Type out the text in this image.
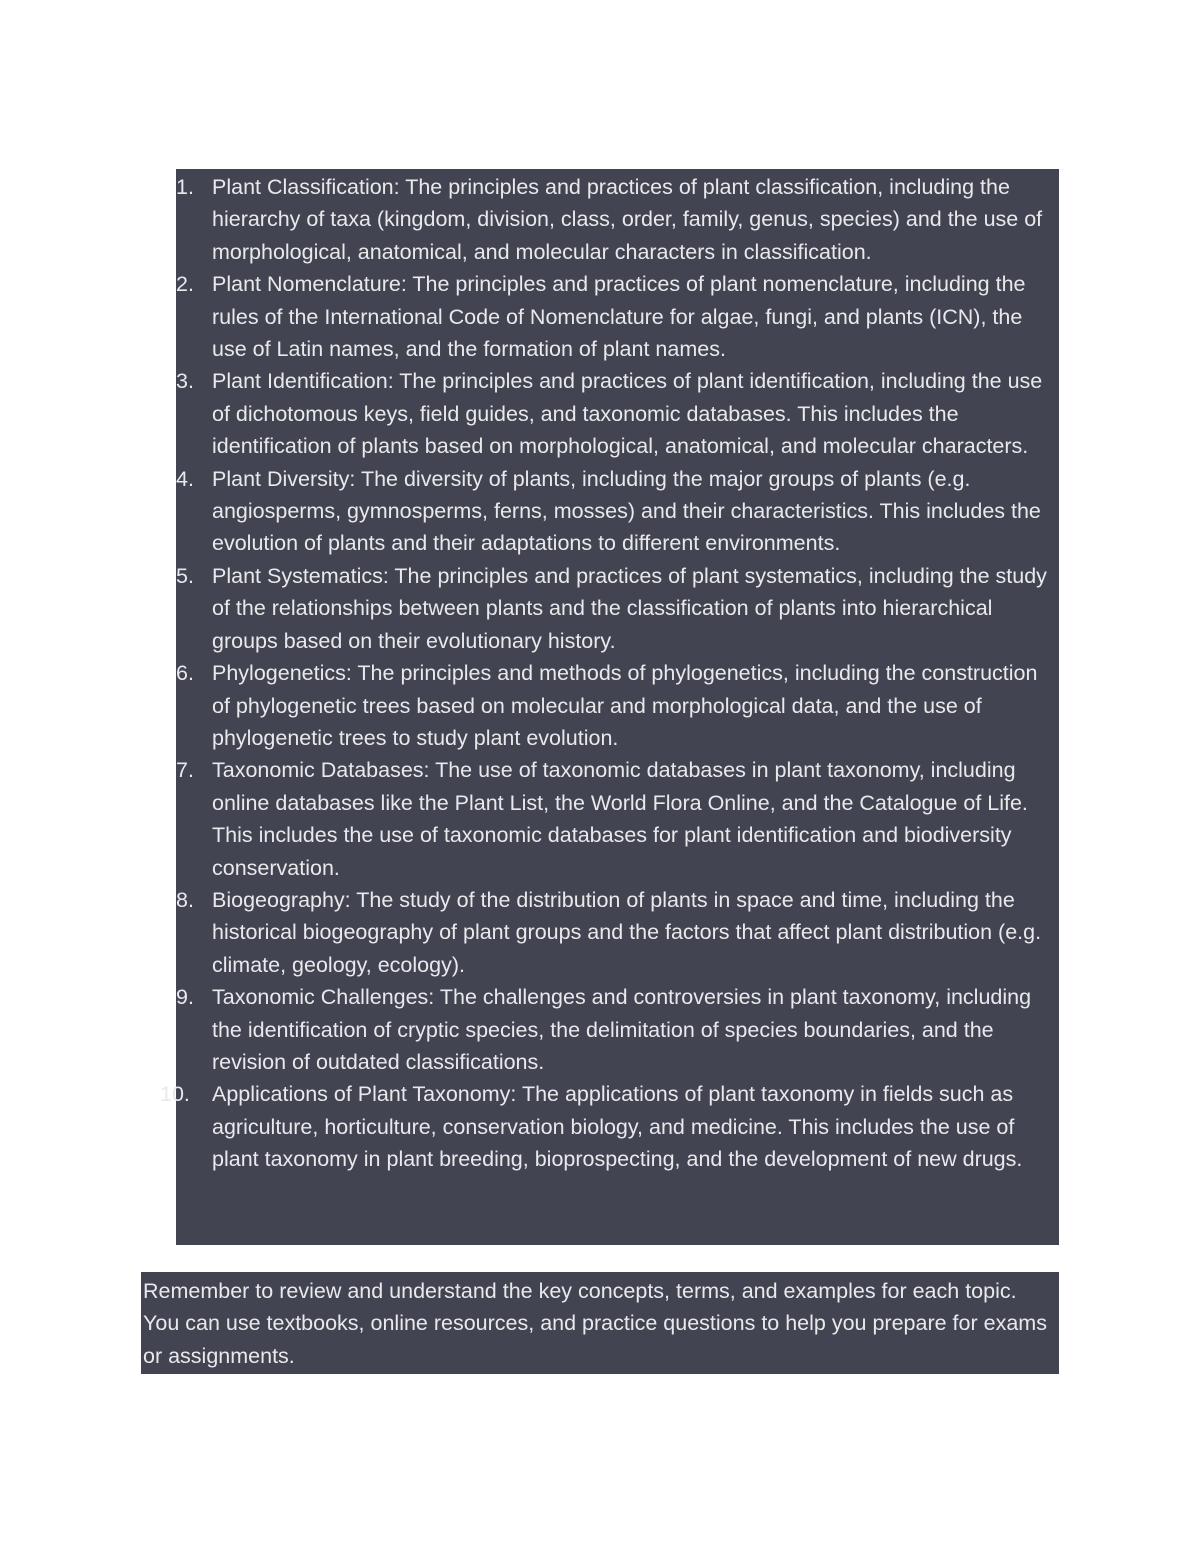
1. Plant Classification: The principles and practices of plant classification, including the hierarchy of taxa (kingdom, division, class, order, family, genus, species) and the use of morphological, anatomical, and molecular characters in classification.
2. Plant Nomenclature: The principles and practices of plant nomenclature, including the rules of the International Code of Nomenclature for algae, fungi, and plants (ICN), the use of Latin names, and the formation of plant names.
3. Plant Identification: The principles and practices of plant identification, including the use of dichotomous keys, field guides, and taxonomic databases. This includes the identification of plants based on morphological, anatomical, and molecular characters.
4. Plant Diversity: The diversity of plants, including the major groups of plants (e.g. angiosperms, gymnosperms, ferns, mosses) and their characteristics. This includes the evolution of plants and their adaptations to different environments.
5. Plant Systematics: The principles and practices of plant systematics, including the study of the relationships between plants and the classification of plants into hierarchical groups based on their evolutionary history.
6. Phylogenetics: The principles and methods of phylogenetics, including the construction of phylogenetic trees based on molecular and morphological data, and the use of phylogenetic trees to study plant evolution.
7. Taxonomic Databases: The use of taxonomic databases in plant taxonomy, including online databases like the Plant List, the World Flora Online, and the Catalogue of Life. This includes the use of taxonomic databases for plant identification and biodiversity conservation.
8. Biogeography: The study of the distribution of plants in space and time, including the historical biogeography of plant groups and the factors that affect plant distribution (e.g. climate, geology, ecology).
9. Taxonomic Challenges: The challenges and controversies in plant taxonomy, including the identification of cryptic species, the delimitation of species boundaries, and the revision of outdated classifications.
10. Applications of Plant Taxonomy: The applications of plant taxonomy in fields such as agriculture, horticulture, conservation biology, and medicine. This includes the use of plant taxonomy in plant breeding, bioprospecting, and the development of new drugs.

Remember to review and understand the key concepts, terms, and examples for each topic. You can use textbooks, online resources, and practice questions to help you prepare for exams or assignments.
